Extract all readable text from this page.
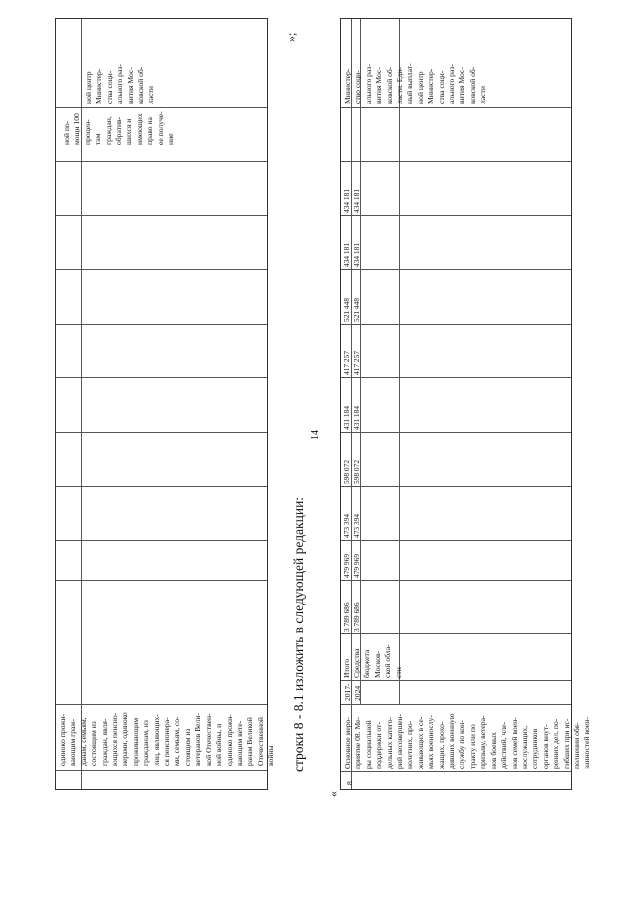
14
одинокo прожи-
вающим граж-
данам, семьям,
состоящим из
граждан, явля-
ющихся пенсио-
нерами, одиноко
проживающим
гражданам, из
лиц, являющих-
ся пенсионера-
ми, семьям, со-
стоящим из
ветеранов Вели-
кой Отечествен-
ной войны, и
одиноко прожи-
вающим вете-
ранам Великой
Отечественной
войны
ной центр
Министер-
ства соци-
ального раз-
вития Мос-
ковской об-
ласти
ной по-
мощи 100
процен-
там
граждан,
обратив-
шихся и
имеющих
право на
ее получе-
ние
строки 8 - 8.1 изложить в следующей редакции:
«
»;
8
Основное меро-
приятие 08. Ме-
ры социальной
поддержки от-
дельных катего-
рий несовершен-
нолетних, про-
живающих в се-
мьях военнослу-
жащих, прохо-
дивших военную
службу по кон-
тракту или по
призыву, ветера-
нов боевых
действий, чле-
нов семей воен-
нослужащих,
сотрудников
органов внут-
ренних дел, по-
гибших при ис-
полнении обя-
занностей воен-
2017-
2024
Итого Средства
бюджета
Москов-
ской обла-
сти
3 789 686
479 969
473 394
598 072
431 184
417 257
521 448
434 181
434 181
3 789 686
479 969
473 394
598 072
431 184
417 257
521 448
434 181
434 181
Министер-
ство соци-
ального раз-
вития Мос-
ковской об-
ласти. Еди-
ный выплат-
ной центр
Министер-
ства соци-
ального раз-
вития Мос-
ковской об-
ласти
